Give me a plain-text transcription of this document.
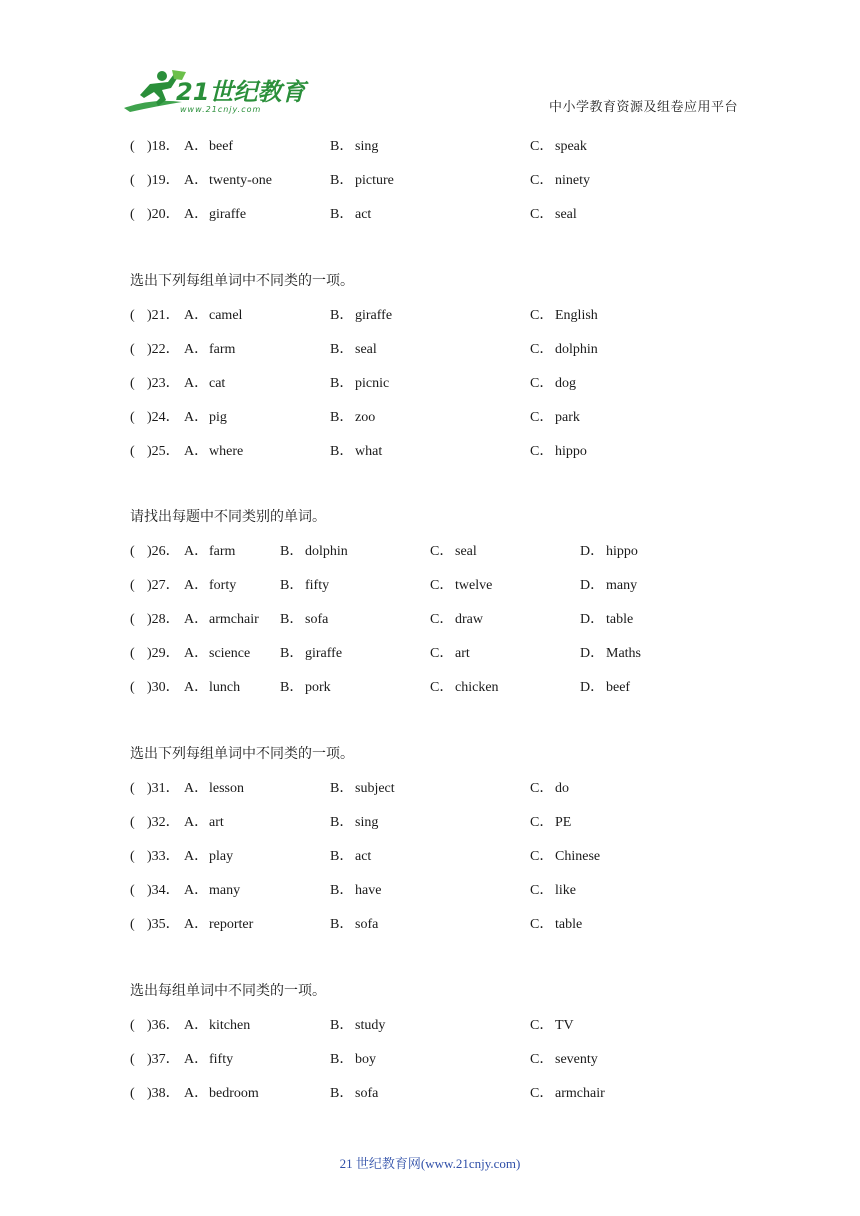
21世纪教育
www.21cnjy.com	中小学教育资源及组卷应用平台
( )18． A． beef	B． sing	C． speak
( )19． A． twenty-one	B． picture	C． ninety
( )20． A． giraffe	B． act	C． seal
选出下列每组单词中不同类的一项。
( )21． A． camel	B． giraffe	C． English
( )22． A． farm	B． seal	C． dolphin
( )23． A． cat	B． picnic	C． dog
( )24． A． pig	B． zoo	C． park
( )25． A． where	B． what	C． hippo
请找出每题中不同类别的单词。
( )26． A． farm	B． dolphin	C． seal	D． hippo
( )27． A． forty	B． fifty	C． twelve	D． many
( )28． A． armchair B． sofa	C． draw	D． table
( )29． A． science B． giraffe	C． art	D． Maths
( )30． A． lunch	B． pork	C． chicken	D． beef
选出下列每组单词中不同类的一项。
( )31． A． lesson	B． subject	C． do
( )32． A． art	B． sing	C． PE
( )33． A． play	B． act	C． Chinese
( )34． A． many	B． have	C． like
( )35． A． reporter	B． sofa	C． table
选出每组单词中不同类的一项。
( )36． A． kitchen	B． study	C． TV
( )37． A． fifty	B． boy	C． seventy
( )38． A． bedroom	B． sofa	C． armchair
21 世纪教育网(www.21cnjy.com)
